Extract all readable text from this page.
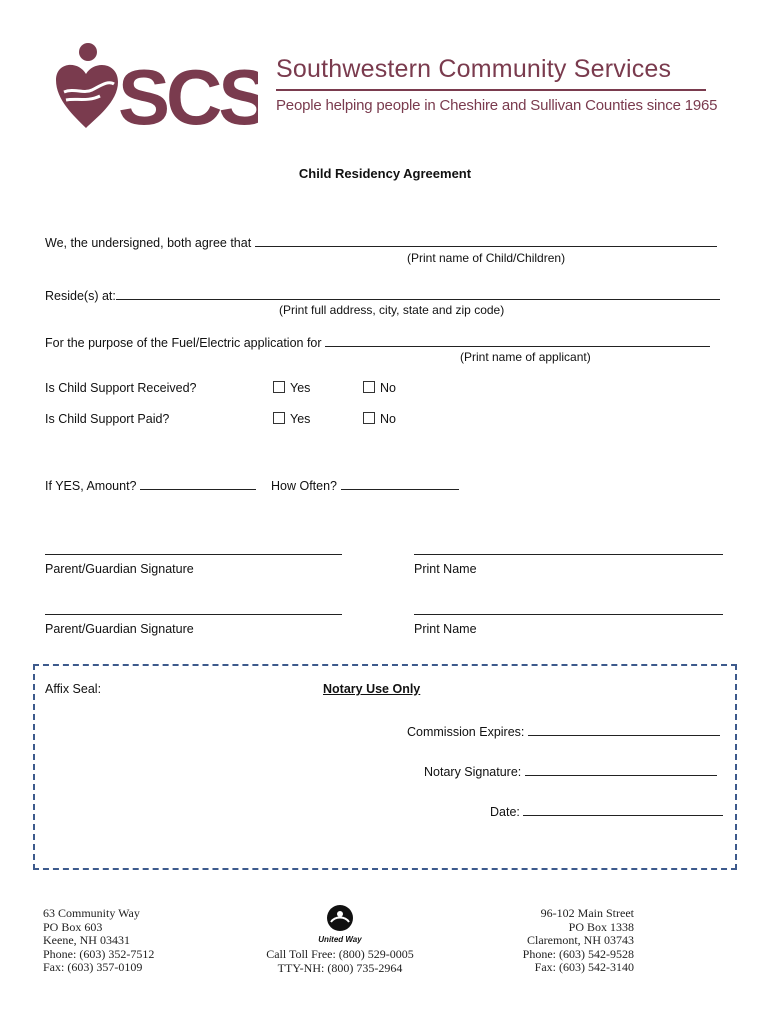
SCS Southwestern Community Services
People helping people in Cheshire and Sullivan Counties since 1965
Child Residency Agreement
We, the undersigned, both agree that
(Print name of Child/Children)
Reside(s) at:
(Print full address, city, state and zip code)
For the purpose of the Fuel/Electric application for
(Print name of applicant)
Is Child Support Received?	Yes	No
Is Child Support Paid?	Yes	No
If YES, Amount?	How Often?
Parent/Guardian Signature	Print Name
Parent/Guardian Signature	Print Name
Affix Seal:	Notary Use Only
Commission Expires:
Notary Signature:
Date:
63 Community Way
PO Box 603
Keene, NH 03431
Phone: (603) 352-7512
Fax: (603) 357-0109
United Way
Call Toll Free: (800) 529-0005
TTY-NH: (800) 735-2964
96-102 Main Street
PO Box 1338
Claremont, NH 03743
Phone: (603) 542-9528
Fax: (603) 542-3140
